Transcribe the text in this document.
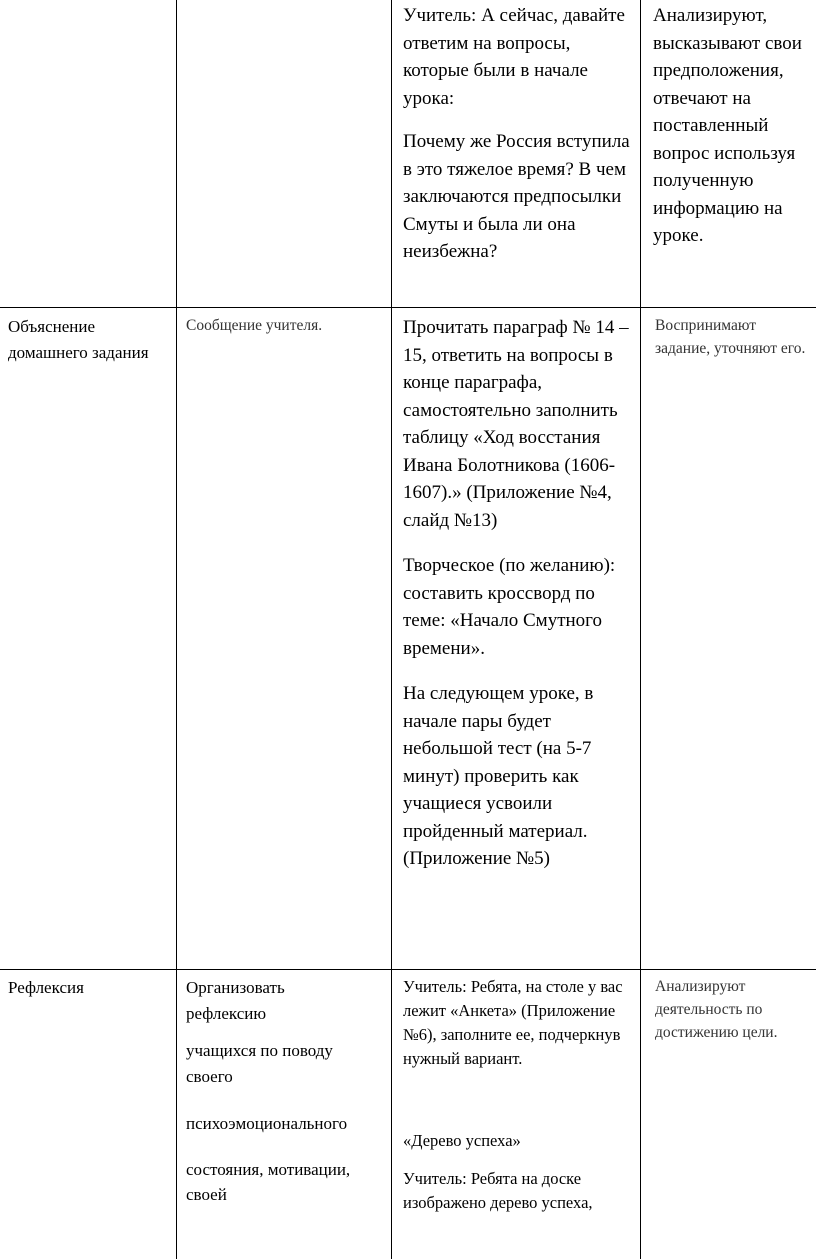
Учитель: А сейчас, давайте ответим на вопросы, которые были в начале урока:

Почему же Россия вступила в это тяжелое время? В чем заключаются предпосылки Смуты и была ли она неизбежна?

Анализируют, высказывают свои предположения, отвечают на поставленный вопрос используя полученную информацию на уроке.

Объяснение домашнего задания

Сообщение учителя.	Прочитать параграф № 14 – 15, ответить на вопросы в конце параграфа, самостоятельно заполнить таблицу «Ход восстания Ивана Болотникова (1606-1607).» (Приложение №4, слайд №13)

Творческое (по желанию): составить кроссворд по теме: «Начало Смутного времени».

На следующем уроке, в начале пары будет небольшой тест (на 5-7 минут) проверить как учащиеся усвоили пройденный материал. (Приложение №5)

Воспринимают задание, уточняют его.

Рефлексия	Организовать рефлексию

учащихся по поводу своего

психоэмоционального

состояния, мотивации, своей

Учитель: Ребята, на столе у вас лежит «Анкета» (Приложение №6), заполните ее, подчеркнув нужный вариант.

«Дерево успеха»

Учитель: Ребята на доске изображено дерево успеха,

Анализируют деятельность по достижению цели.
